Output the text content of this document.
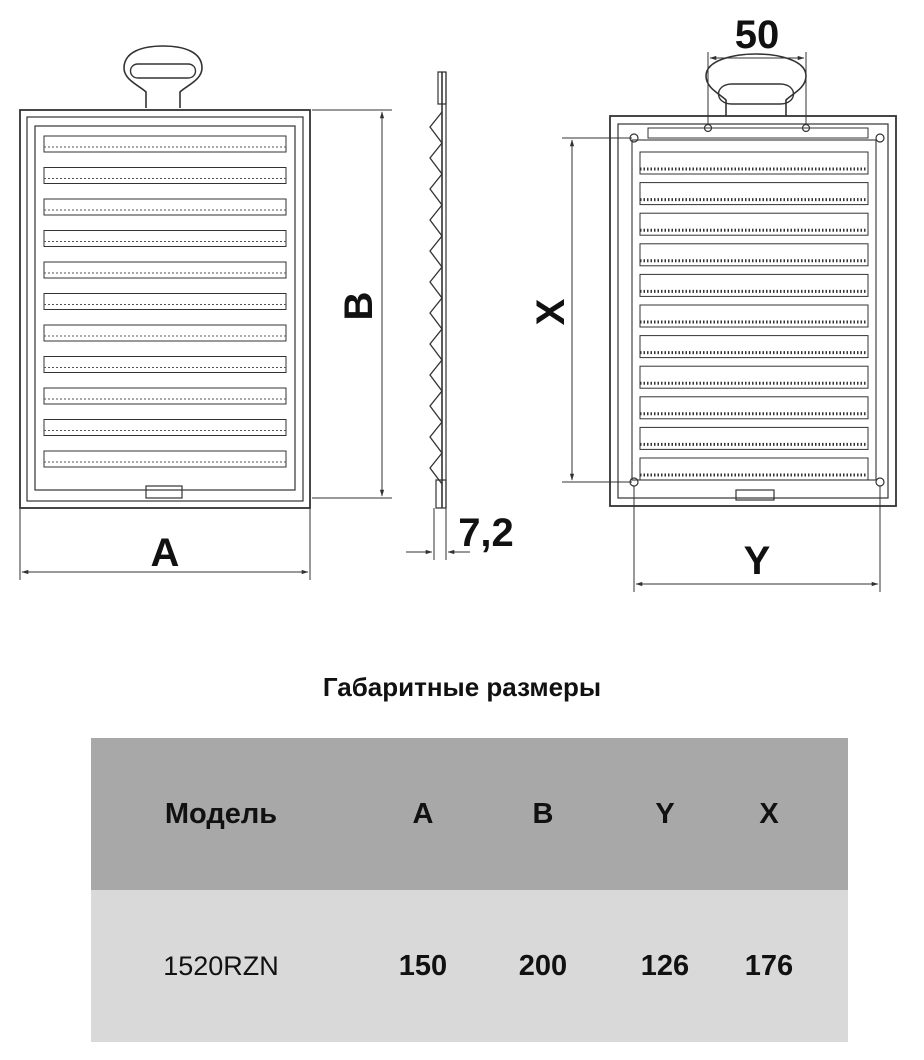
A
B
7,2
50
X
Y
Габаритные размеры
Модель	A	B	Y	X
1520RZN	150	200	126	176
